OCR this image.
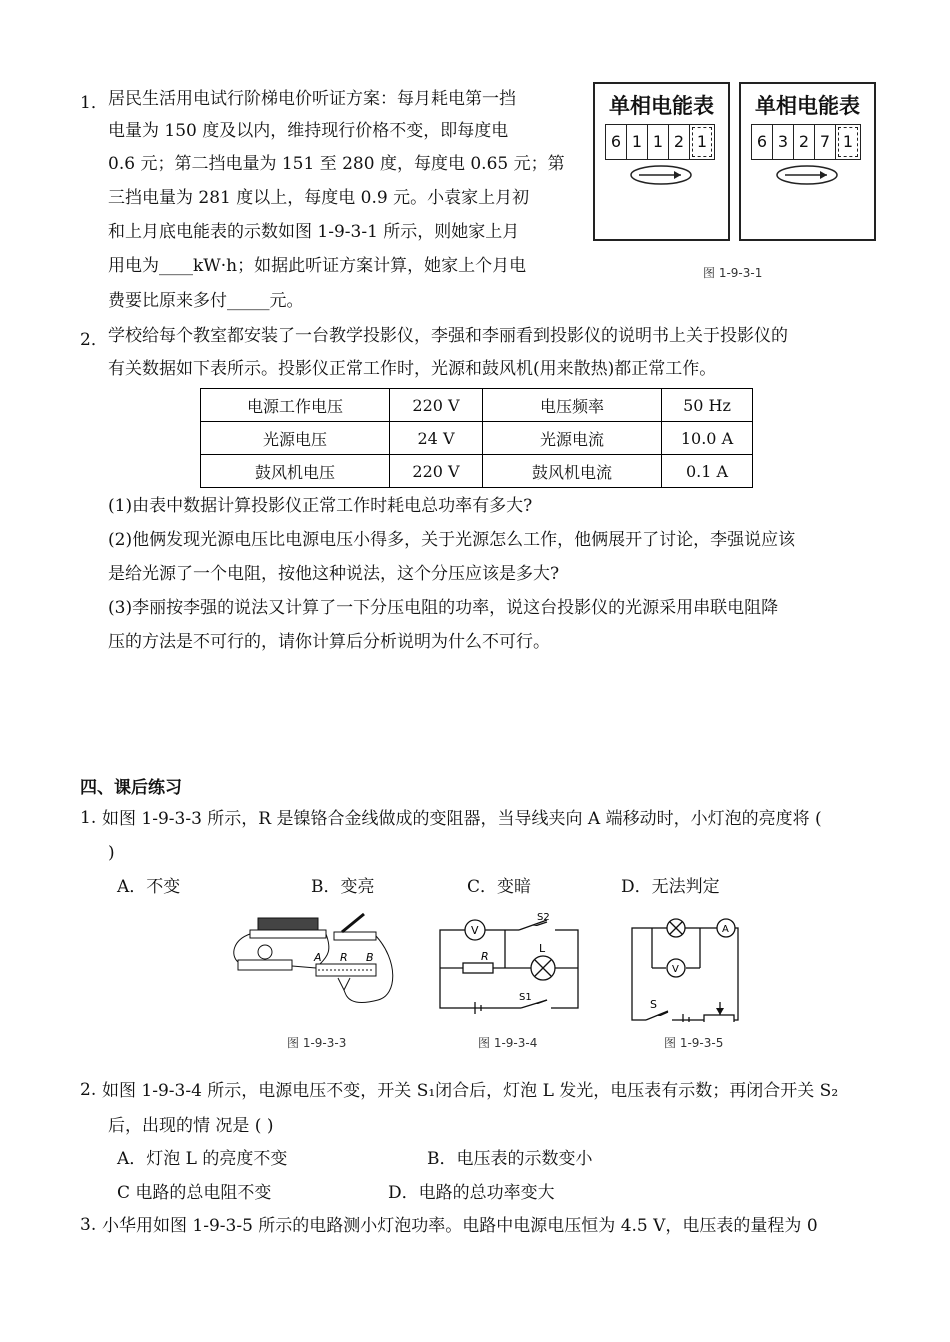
1． 居民生活用电试行阶梯电价听证方案：每月耗电第一挡
电量为 150 度及以内，维持现行价格不变，即每度电
0.6 元；第二挡电量为 151 至 280 度，每度电 0.65 元；第
三挡电量为 281 度以上，每度电 0.9 元。小袁家上月初
和上月底电能表的示数如图 1-9-3-1 所示，则她家上月
用电为____kW·h；如据此听证方案计算，她家上个月电
费要比原来多付_____元。
单相电能表
6 1 1 2 1
单相电能表
6 3 2 7 1
图 1-9-3-1
2． 学校给每个教室都安装了一台教学投影仪，李强和李丽看到投影仪的说明书上关于投影仪的
有关数据如下表所示。投影仪正常工作时，光源和鼓风机(用来散热)都正常工作。
电源工作电压	220 V	电压频率	50 Hz
光源电压	24 V	光源电流	10.0 A
鼓风机电压	220 V	鼓风机电流	0.1 A
(1)由表中数据计算投影仪正常工作时耗电总功率有多大?
(2)他俩发现光源电压比电源电压小得多，关于光源怎么工作，他俩展开了讨论，李强说应该
是给光源了一个电阻，按他这种说法，这个分压应该是多大?
(3)李丽按李强的说法又计算了一下分压电阻的功率，说这台投影仪的光源采用串联电阻降
压的方法是不可行的，请你计算后分析说明为什么不可行。
四、课后练习
1. 如图 1-9-3-3 所示，R 是镍铬合金线做成的变阻器，当导线夹向 A 端移动时，小灯泡的亮度将 (
)
A．不变	B．变亮	C．变暗	D．无法判定
A R B
图 1-9-3-3
V
R
L
S2
S1
图 1-9-3-4
A
V
S
图 1-9-3-5
2. 如图 1-9-3-4 所示，电源电压不变，开关 S₁闭合后，灯泡 L 发光，电压表有示数；再闭合开关 S₂
后，出现的情 况是 ( )
A．灯泡 L 的亮度不变	B．电压表的示数变小
C 电路的总电阻不变	D．电路的总功率变大
3. 小华用如图 1-9-3-5 所示的电路测小灯泡功率。电路中电源电压恒为 4.5 V，电压表的量程为 0
